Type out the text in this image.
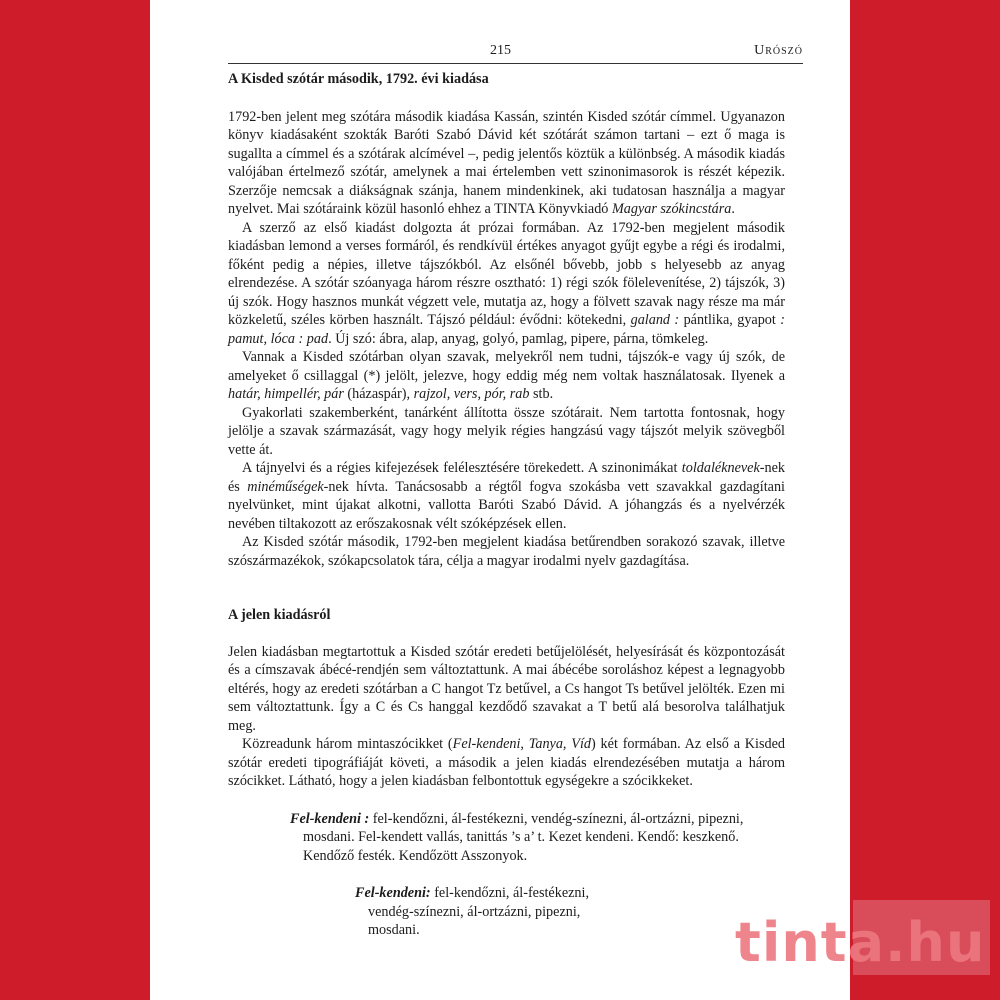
215	Urószó
A Kisded szótár második, 1792. évi kiadása

1792-ben jelent meg szótára második kiadása Kassán, szintén Kisded szótár címmel. Ugyanazon könyv kiadásaként szokták Baróti Szabó Dávid két szótárát számon tartani – ezt ő maga is sugallta a címmel és a szótárak alcímével –, pedig jelentős köztük a különbség. A második kiadás valójában értelmező szótár, amelynek a mai értelemben vett szinonimasorok is részét képezik. Szerzője nemcsak a diákságnak szánja, hanem mindenkinek, aki tudatosan használja a magyar nyelvet. Mai szótáraink közül hasonló ehhez a TINTA Könyvkiadó Magyar szókincstára.

A szerző az első kiadást dolgozta át prózai formában. Az 1792-ben megjelent második kiadásban lemond a verses formáról, és rendkívül értékes anyagot gyűjt egybe a régi és irodalmi, főként pedig a népies, illetve tájszókból. Az elsőnél bővebb, jobb s helyesebb az anyag elrendezése. A szótár szóanyaga három részre osztható: 1) régi szók fölelevenítése, 2) tájszók, 3) új szók. Hogy hasznos munkát végzett vele, mutatja az, hogy a fölvett szavak nagy része ma már közkeletű, széles körben használt. Tájszó például: évődni: kötekedni, galand : pántlika, gyapot : pamut, lóca : pad. Új szó: ábra, alap, anyag, golyó, pamlag, pipere, párna, tömkeleg.

Vannak a Kisded szótárban olyan szavak, melyekről nem tudni, tájszók-e vagy új szók, de amelyeket ő csillaggal (*) jelölt, jelezve, hogy eddig még nem voltak használatosak. Ilyenek a határ, himpellér, pár (házaspár), rajzol, vers, pór, rab stb.

Gyakorlati szakemberként, tanárként állította össze szótárait. Nem tartotta fontosnak, hogy jelölje a szavak származását, vagy hogy melyik régies hangzású vagy tájszót melyik szövegből vette át.

A tájnyelvi és a régies kifejezések felélesztésére törekedett. A szinonimákat toldaléknevek-nek és minéműségek-nek hívta. Tanácsosabb a régtől fogva szokásba vett szavakkal gazdagítani nyelvünket, mint újakat alkotni, vallotta Baróti Szabó Dávid. A jóhangzás és a nyelvérzék nevében tiltakozott az erőszakosnak vélt szóképzések ellen.

Az Kisded szótár második, 1792-ben megjelent kiadása betűrendben sorakozó szavak, illetve szószármazékok, szókapcsolatok tára, célja a magyar irodalmi nyelv gazdagítása.

A jelen kiadásról

Jelen kiadásban megtartottuk a Kisded szótár eredeti betűjelölését, helyesírását és központozását és a címszavak ábécé-rendjén sem változtattunk. A mai ábécébe soroláshoz képest a legnagyobb eltérés, hogy az eredeti szótárban a C hangot Tz betűvel, a Cs hangot Ts betűvel jelölték. Ezen mi sem változtattunk. Így a C és Cs hanggal kezdődő szavakat a T betű alá besorolva találhatjuk meg.

Közreadunk három mintaszócikket (Fel-kendeni, Tanya, Víd) két formában. Az első a Kisded szótár eredeti tipográfiáját követi, a második a jelen kiadás elrendezésében mutatja a három szócikket. Látható, hogy a jelen kiadásban felbontottuk egységekre a szócikkeket.

Fel-kendeni : fel-kendőzni, ál-festékezni, vendég-színezni, ál-ortzázni, pipezni, mosdani. Fel-kendett vallás, tanittás ’s a’ t. Kezet kendeni. Kendő: keszkenő. Kendőző festék. Kendőzött Asszonyok.
Fel-kendeni: fel-kendőzni, ál-festékezni, vendég-színezni, ál-ortzázni, pipezni, mosdani.	tinta.hu
